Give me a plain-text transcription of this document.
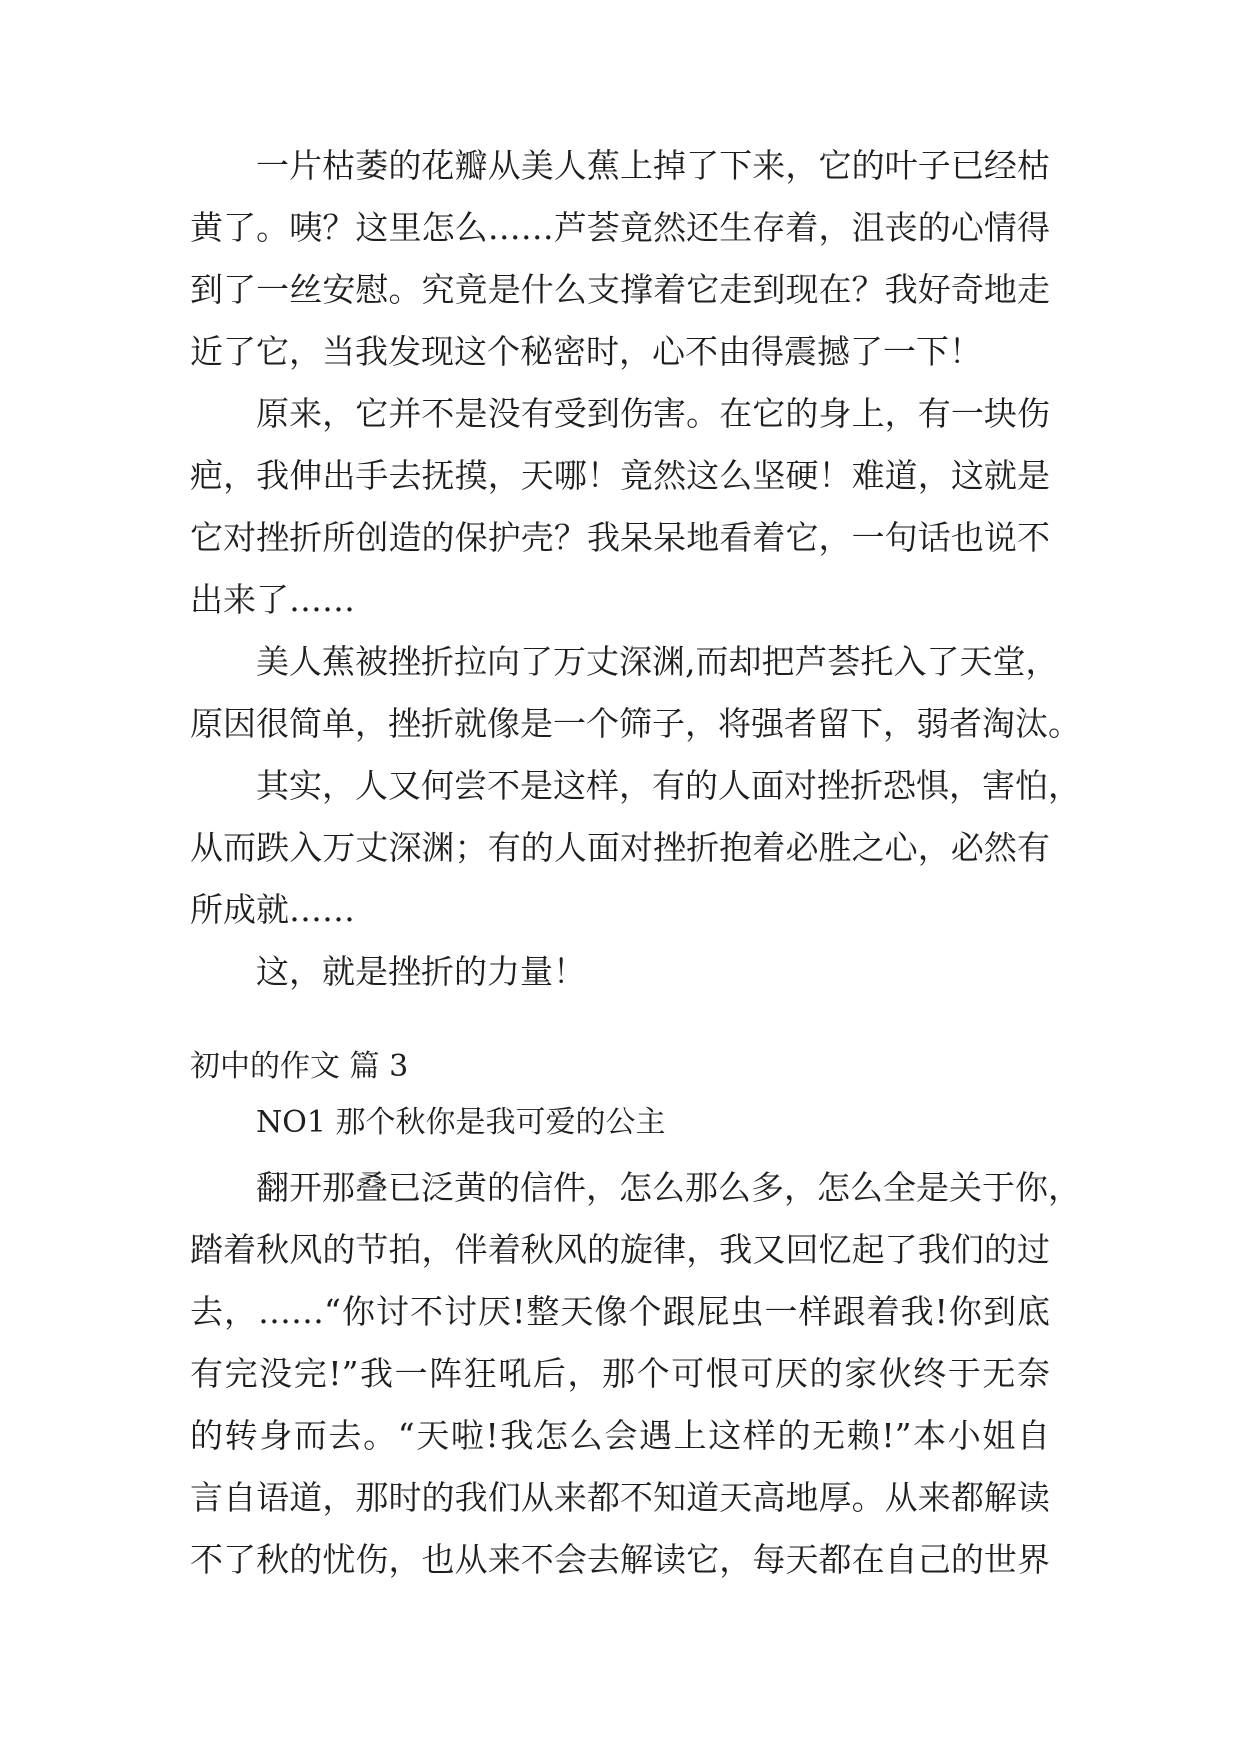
一片枯萎的花瓣从美人蕉上掉了下来，它的叶子已经枯
黄了。咦？这里怎么……芦荟竟然还生存着，沮丧的心情得
到了一丝安慰。究竟是什么支撑着它走到现在？我好奇地走
近了它，当我发现这个秘密时，心不由得震撼了一下！
原来，它并不是没有受到伤害。在它的身上，有一块伤
疤，我伸出手去抚摸，天哪！竟然这么坚硬！难道，这就是
它对挫折所创造的保护壳？我呆呆地看着它，一句话也说不
出来了……
美人蕉被挫折拉向了万丈深渊,而却把芦荟托入了天堂，
原因很简单，挫折就像是一个筛子，将强者留下，弱者淘汰。
其实，人又何尝不是这样，有的人面对挫折恐惧，害怕，
从而跌入万丈深渊；有的人面对挫折抱着必胜之心，必然有
所成就……
这，就是挫折的力量！
初中的作文 篇 3
NO1 那个秋你是我可爱的公主
翻开那叠已泛黄的信件，怎么那么多，怎么全是关于你，
踏着秋风的节拍，伴着秋风的旋律，我又回忆起了我们的过
去，……“你讨不讨厌!整天像个跟屁虫一样跟着我!你到底
有完没完!”我一阵狂吼后，那个可恨可厌的家伙终于无奈
的转身而去。“天啦!我怎么会遇上这样的无赖!”本小姐自
言自语道，那时的我们从来都不知道天高地厚。从来都解读
不了秋的忧伤，也从来不会去解读它，每天都在自己的世界
